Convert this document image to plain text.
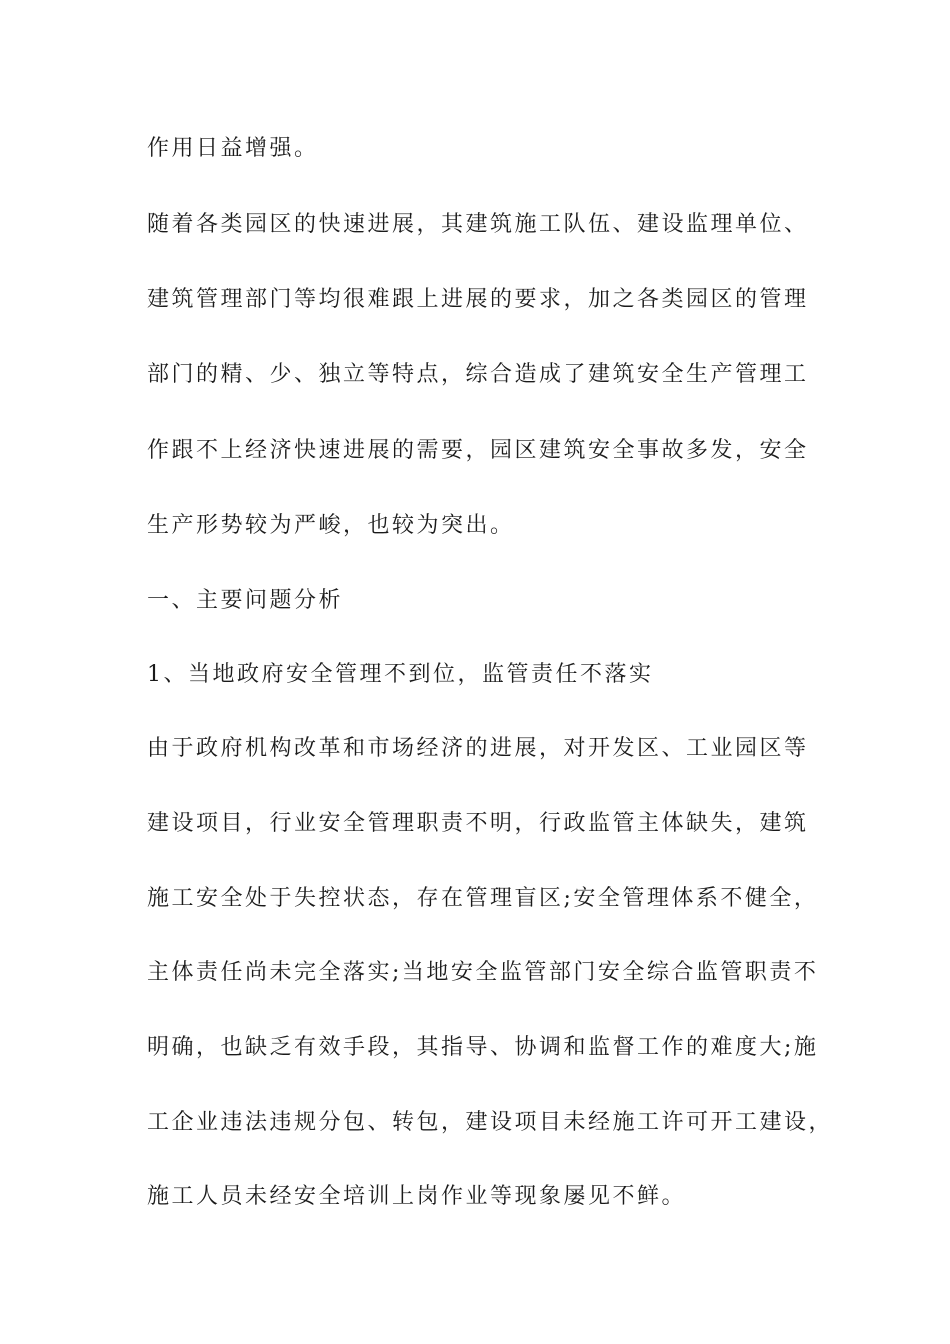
作用日益增强。
随着各类园区的快速进展，其建筑施工队伍、建设监理单位、
建筑管理部门等均很难跟上进展的要求，加之各类园区的管理
部门的精、少、独立等特点，综合造成了建筑安全生产管理工
作跟不上经济快速进展的需要，园区建筑安全事故多发，安全
生产形势较为严峻，也较为突出。
一、主要问题分析
1、当地政府安全管理不到位，监管责任不落实
由于政府机构改革和市场经济的进展，对开发区、工业园区等
建设项目，行业安全管理职责不明，行政监管主体缺失，建筑
施工安全处于失控状态，存在管理盲区;安全管理体系不健全，
主体责任尚未完全落实;当地安全监管部门安全综合监管职责不
明确，也缺乏有效手段，其指导、协调和监督工作的难度大;施
工企业违法违规分包、转包，建设项目未经施工许可开工建设，
施工人员未经安全培训上岗作业等现象屡见不鲜。
